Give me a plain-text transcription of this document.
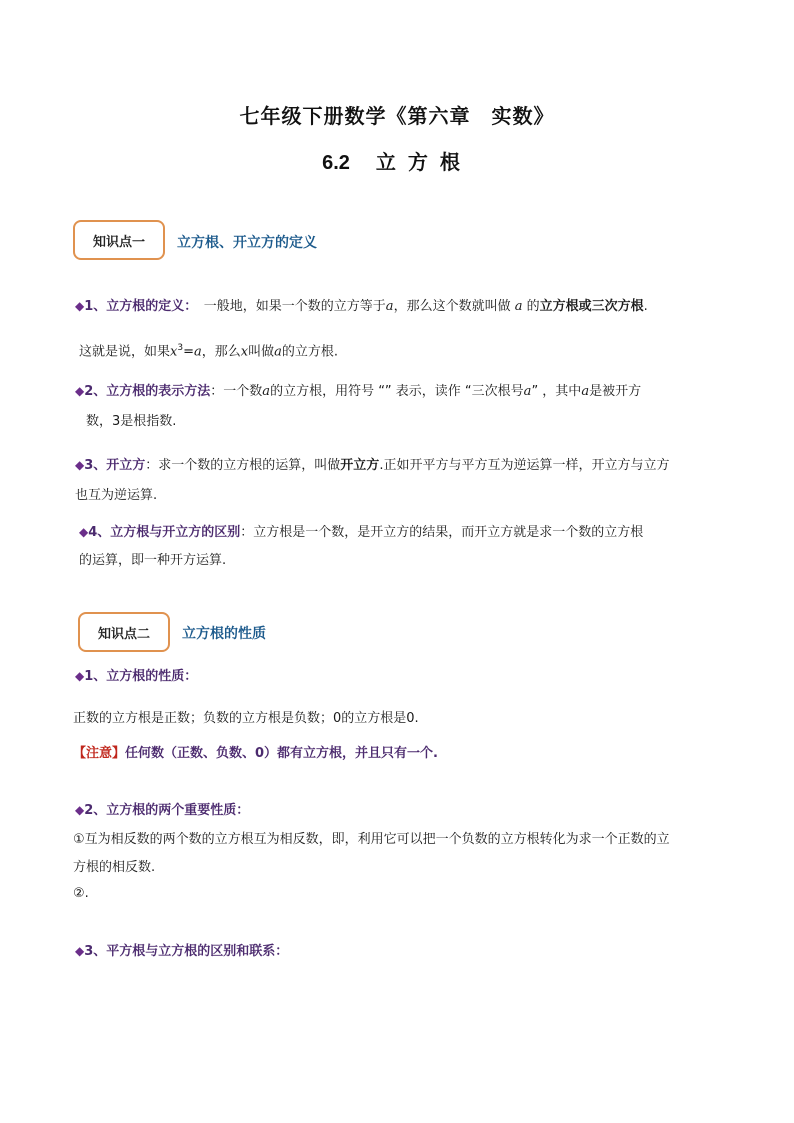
七年级下册数学《第六章　实数》
6.2 立方根
知识点一	立方根、开立方的定义
◆1、立方根的定义：　一般地，如果一个数的立方等于a，那么这个数就叫做 a 的立方根或三次方根.
这就是说，如果$x^3=a$，那么x叫做a的立方根.
◆2、立方根的表示方法：一个数a的立方根，用符号 “” 表示，读作 “三次根号a” ，其中a是被开方
数，3是根指数.
◆3、开立方：求一个数的立方根的运算，叫做开立方.正如开平方与平方互为逆运算一样，开立方与立方
也互为逆运算.
◆4、立方根与开立方的区别：立方根是一个数，是开立方的结果，而开立方就是求一个数的立方根
的运算，即一种开方运算.
知识点二	立方根的性质
◆1、立方根的性质：
正数的立方根是正数；负数的立方根是负数；0的立方根是0.
【注意】任何数（正数、负数、0）都有立方根，并且只有一个.
◆2、立方根的两个重要性质：
①互为相反数的两个数的立方根互为相反数，即，利用它可以把一个负数的立方根转化为求一个正数的立
方根的相反数.
②.
◆3、平方根与立方根的区别和联系：
